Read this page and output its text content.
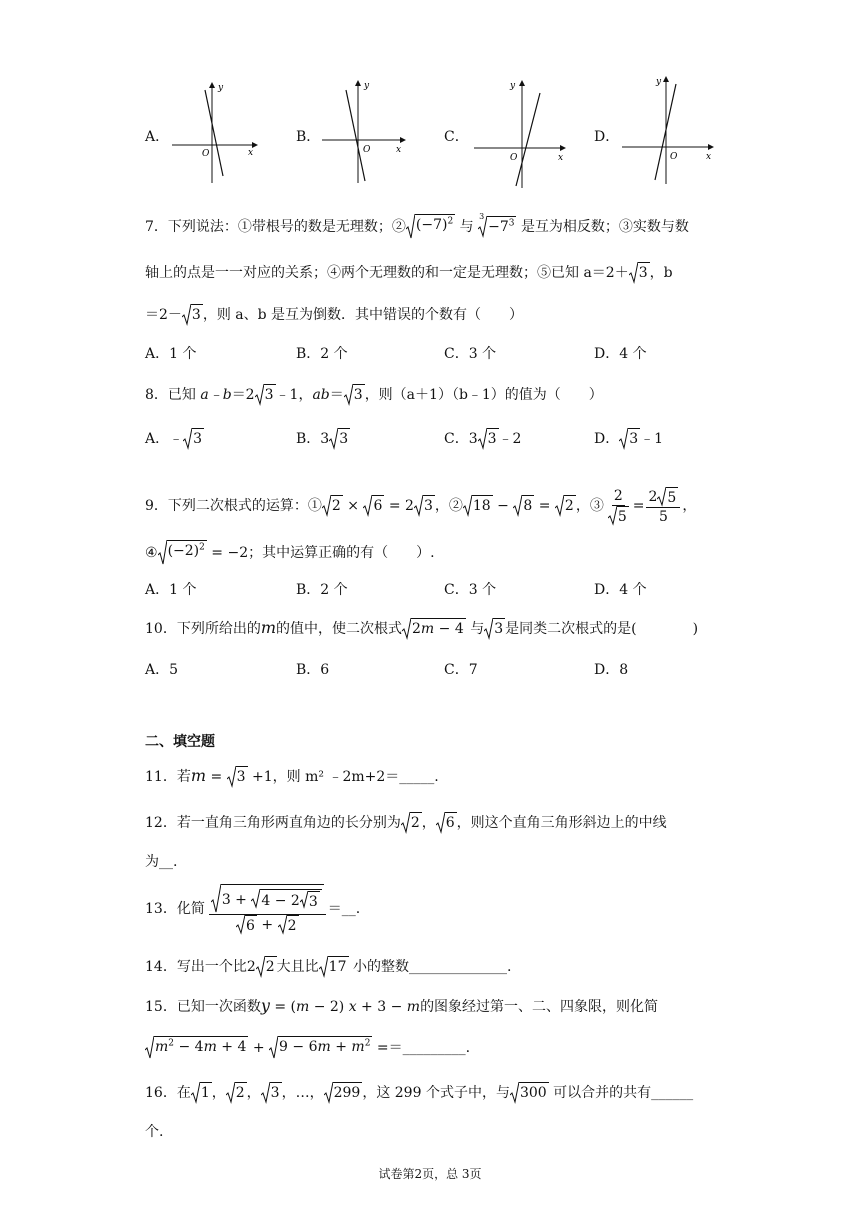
A．	B．	C．	D．
y
x
O
y
x
O
y
x
O
y
x
O
7．下列说法：①带根号的数是无理数；② $(-7)^2$ 与
3
$-7^3$ 是互为相反数；③实数与数
轴上的点是一一对应的关系；④两个无理数的和一定是无理数；⑤已知 a＝2＋ 3 ，b
＝2－ 3 ，则 a、b 是互为倒数．其中错误的个数有（　　）
A．1 个	B．2 个	C．3 个	D．4 个
8．已知 a﹣b＝2 3 ﹣1，ab＝ 3 ，则（a＋1）（b﹣1）的值为（　　）
A．﹣ 3	B．3 3	C．3 3 ﹣2	D． 3 ﹣1
9．下列二次根式的运算：① 2 × 6 = 2 3 ，② 18 − 8 = 2 ，③ $\frac{2}{5} = \frac{2 5}{5}$ ，
④ $(-2)^2 = -2$；其中运算正确的有（　　）.
A．1 个	B．2 个	C．3 个	D．4 个
10．下列所给出的m的值中，使二次根式 2m − 4 与 3 是同类二次根式的是(　　　　)
A．5	B．6	C．7	D．8
二、填空题
11．若m = 3 +1，则 m² ﹣2m+2＝_____.
12．若一直角三角形两直角边的长分别为 2 ， 6 ，则这个直角三角形斜边上的中线
为__.
13．化简 $\frac{3 + 4 - 2 3}{6 + 2}$ ＝__.
14．写出一个比2 2 大且比 17 小的整数______________.
15．已知一次函数y = (m − 2) x + 3 − m的图象经过第一、二、四象限，则化简
$m^2 - 4m + 4 + 9 - 6m + m^2$ =＝_________.
16．在 1 ， 2 ， 3 ，…， 299 ，这 299 个式子中，与 300 可以合并的共有______
个.
试卷第2页，总 3页
